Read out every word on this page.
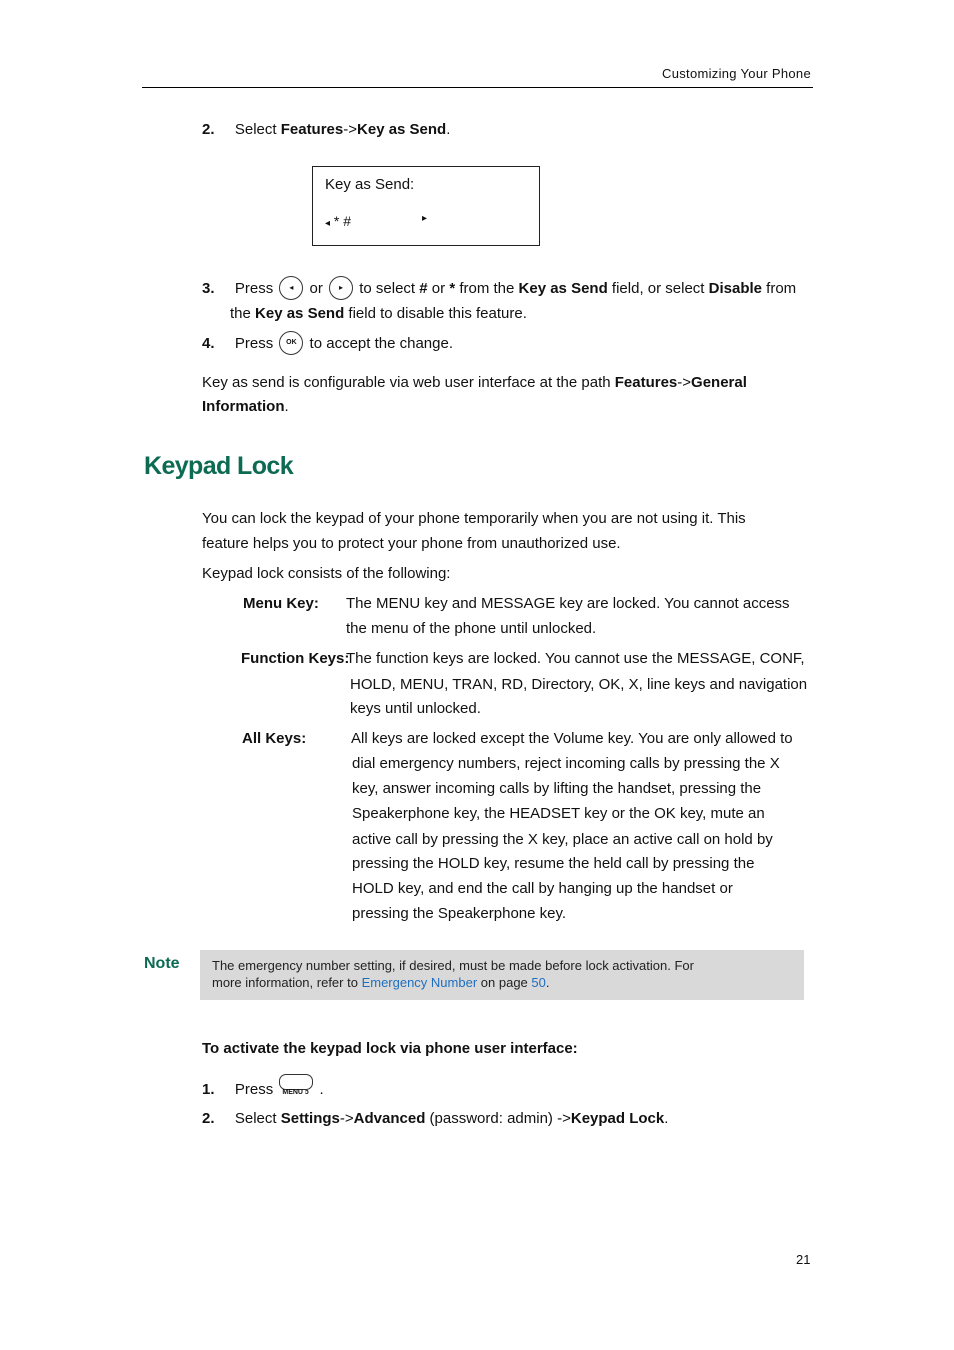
Customizing Your Phone
2. Select Features->Key as Send.
Key as Send:
◂ * #	▸
3. Press ◂ or ▸ to select # or * from the Key as Send field, or select Disable from
the Key as Send field to disable this feature.
4. Press OK to accept the change.
Key as send is configurable via web user interface at the path Features->General
Information.
Keypad Lock
You can lock the keypad of your phone temporarily when you are not using it. This
feature helps you to protect your phone from unauthorized use.
Keypad lock consists of the following:
Menu Key: The MENU key and MESSAGE key are locked. You cannot access
the menu of the phone until unlocked.
Function Keys:
The function keys are locked. You cannot use the MESSAGE, CONF,
HOLD, MENU, TRAN, RD, Directory, OK, X, line keys and navigation
keys until unlocked.
All Keys:	All keys are locked except the Volume key. You are only allowed to
dial emergency numbers, reject incoming calls by pressing the X
key, answer incoming calls by lifting the handset, pressing the
Speakerphone key, the HEADSET key or the OK key, mute an
active call by pressing the X key, place an active call on hold by
pressing the HOLD key, resume the held call by pressing the
HOLD key, and end the call by hanging up the handset or
pressing the Speakerphone key.
Note The emergency number setting, if desired, must be made before lock activation. For
more information, refer to Emergency Number on page 50.
To activate the keypad lock via phone user interface:
1. Press MENU ↄ .
2. Select Settings->Advanced (password: admin) ->Keypad Lock.
21
